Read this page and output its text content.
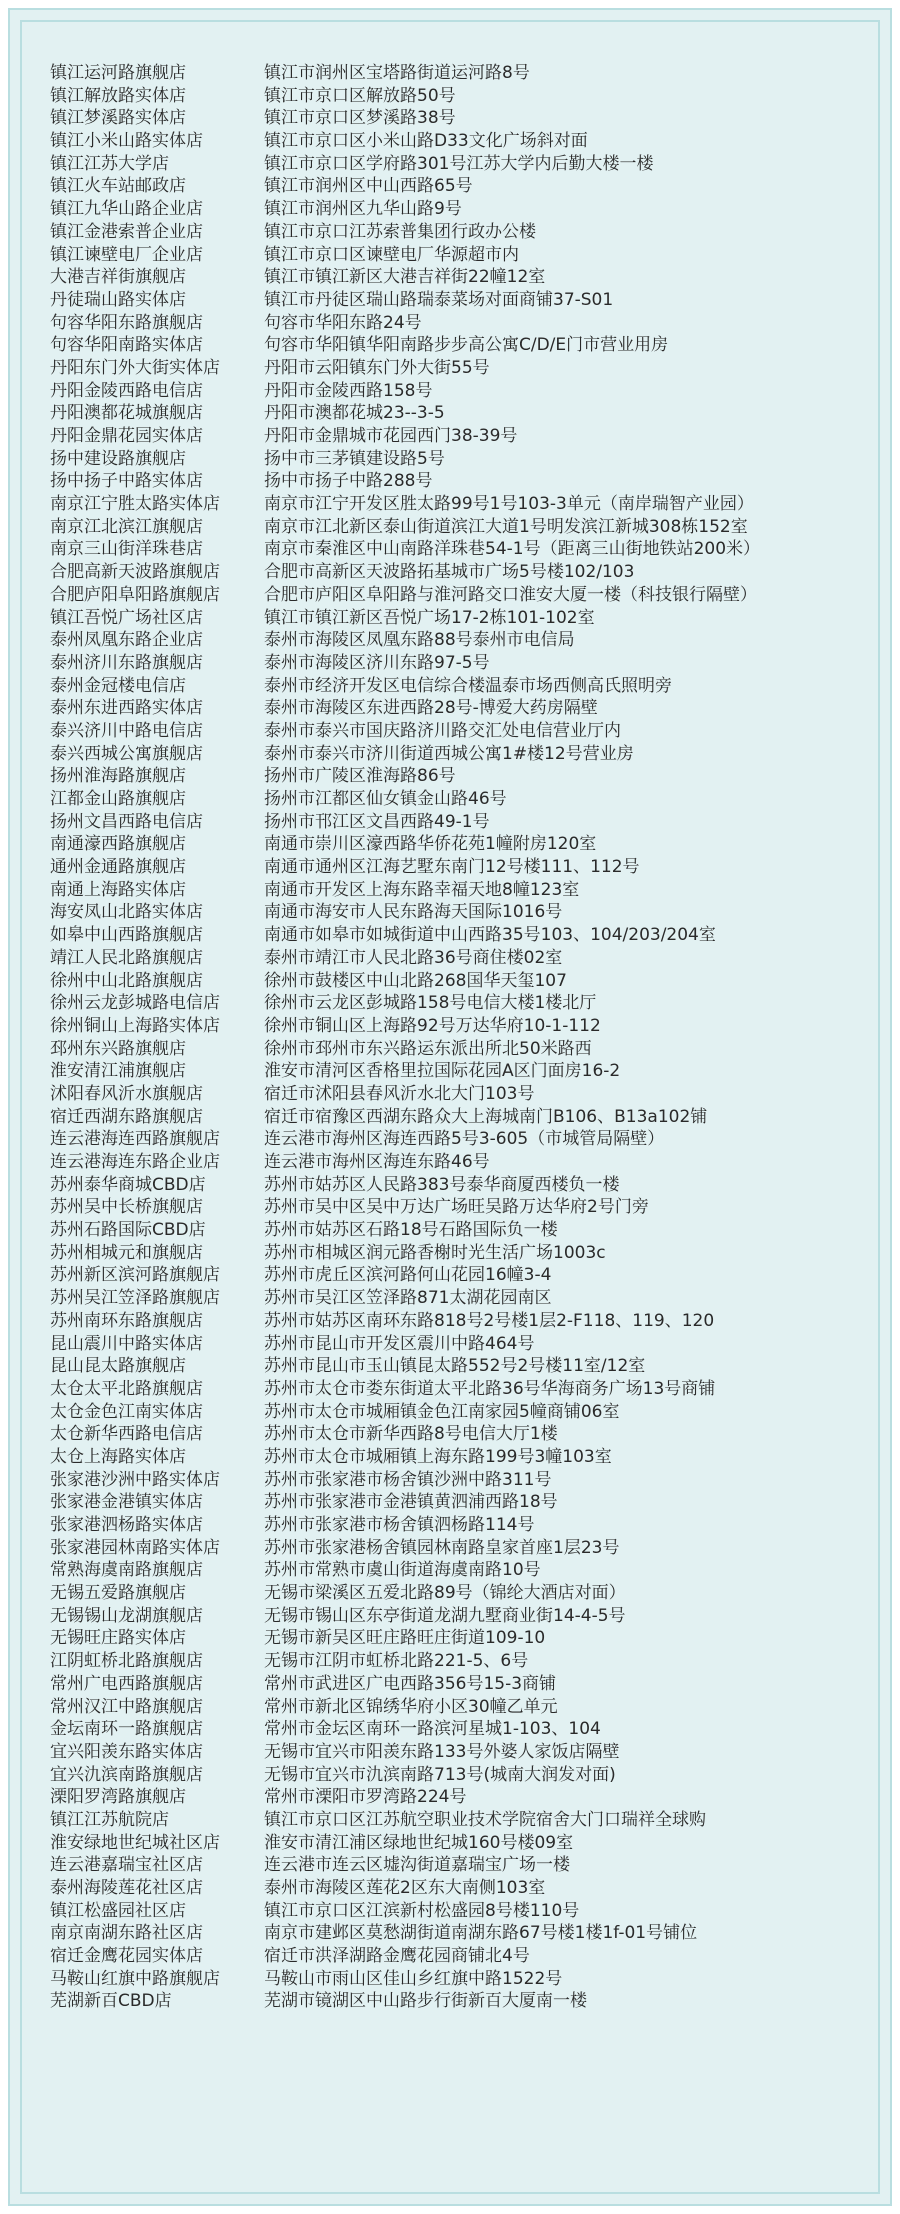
镇江运河路旗舰店	镇江市润州区宝塔路街道运河路8号
镇江解放路实体店	镇江市京口区解放路50号
镇江梦溪路实体店	镇江市京口区梦溪路38号
镇江小米山路实体店	镇江市京口区小米山路D33文化广场斜对面
镇江江苏大学店	镇江市京口区学府路301号江苏大学内后勤大楼一楼
镇江火车站邮政店	镇江市润州区中山西路65号
镇江九华山路企业店	镇江市润州区九华山路9号
镇江金港索普企业店	镇江市京口江苏索普集团行政办公楼
镇江谏壁电厂企业店	镇江市京口区谏壁电厂华源超市内
大港吉祥街旗舰店	镇江市镇江新区大港吉祥街22幢12室
丹徒瑞山路实体店	镇江市丹徒区瑞山路瑞泰菜场对面商铺37-S01
句容华阳东路旗舰店	句容市华阳东路24号
句容华阳南路实体店	句容市华阳镇华阳南路步步高公寓C/D/E门市营业用房
丹阳东门外大街实体店	丹阳市云阳镇东门外大街55号
丹阳金陵西路电信店	丹阳市金陵西路158号
丹阳澳都花城旗舰店	丹阳市澳都花城23--3-5
丹阳金鼎花园实体店	丹阳市金鼎城市花园西门38-39号
扬中建设路旗舰店	扬中市三茅镇建设路5号
扬中扬子中路实体店	扬中市扬子中路288号
南京江宁胜太路实体店	南京市江宁开发区胜太路99号1号103-3单元（南岸瑞智产业园）
南京江北滨江旗舰店	南京市江北新区泰山街道滨江大道1号明发滨江新城308栋152室
南京三山街洋珠巷店	南京市秦淮区中山南路洋珠巷54-1号（距离三山街地铁站200米）
合肥高新天波路旗舰店	合肥市高新区天波路拓基城市广场5号楼102/103
合肥庐阳阜阳路旗舰店	合肥市庐阳区阜阳路与淮河路交口淮安大厦一楼（科技银行隔壁）
镇江吾悦广场社区店	镇江市镇江新区吾悦广场17-2栋101-102室
泰州凤凰东路企业店	泰州市海陵区凤凰东路88号泰州市电信局
泰州济川东路旗舰店	泰州市海陵区济川东路97-5号
泰州金冠楼电信店	泰州市经济开发区电信综合楼温泰市场西侧高氏照明旁
泰州东进西路实体店	泰州市海陵区东进西路28号-博爱大药房隔壁
泰兴济川中路电信店	泰州市泰兴市国庆路济川路交汇处电信营业厅内
泰兴西城公寓旗舰店	泰州市泰兴市济川街道西城公寓1#楼12号营业房
扬州淮海路旗舰店	扬州市广陵区淮海路86号
江都金山路旗舰店	扬州市江都区仙女镇金山路46号
扬州文昌西路电信店	扬州市邗江区文昌西路49-1号
南通濠西路旗舰店	南通市崇川区濠西路华侨花苑1幢附房120室
通州金通路旗舰店	南通市通州区江海艺墅东南门12号楼111、112号
南通上海路实体店	南通市开发区上海东路幸福天地8幢123室
海安凤山北路实体店	南通市海安市人民东路海天国际1016号
如皋中山西路旗舰店	南通市如皋市如城街道中山西路35号103、104/203/204室
靖江人民北路旗舰店	泰州市靖江市人民北路36号商住楼02室
徐州中山北路旗舰店	徐州市鼓楼区中山北路268国华天玺107
徐州云龙彭城路电信店	徐州市云龙区彭城路158号电信大楼1楼北厅
徐州铜山上海路实体店	徐州市铜山区上海路92号万达华府10-1-112
邳州东兴路旗舰店	徐州市邳州市东兴路运东派出所北50米路西
淮安清江浦旗舰店	淮安市清河区香格里拉国际花园A区门面房16-2
沭阳春风沂水旗舰店	宿迁市沭阳县春风沂水北大门103号
宿迁西湖东路旗舰店	宿迁市宿豫区西湖东路众大上海城南门B106、B13a102铺
连云港海连西路旗舰店	连云港市海州区海连西路5号3-605（市城管局隔壁）
连云港海连东路企业店	连云港市海州区海连东路46号
苏州泰华商城CBD店	苏州市姑苏区人民路383号泰华商厦西楼负一楼
苏州吴中长桥旗舰店	苏州市吴中区吴中万达广场旺吴路万达华府2号门旁
苏州石路国际CBD店	苏州市姑苏区石路18号石路国际负一楼
苏州相城元和旗舰店	苏州市相城区润元路香榭时光生活广场1003c
苏州新区滨河路旗舰店	苏州市虎丘区滨河路何山花园16幢3-4
苏州吴江笠泽路旗舰店	苏州市吴江区笠泽路871太湖花园南区
苏州南环东路旗舰店	苏州市姑苏区南环东路818号2号楼1层2-F118、119、120
昆山震川中路实体店	苏州市昆山市开发区震川中路464号
昆山昆太路旗舰店	苏州市昆山市玉山镇昆太路552号2号楼11室/12室
太仓太平北路旗舰店	苏州市太仓市娄东街道太平北路36号华海商务广场13号商铺
太仓金色江南实体店	苏州市太仓市城厢镇金色江南家园5幢商铺06室
太仓新华西路电信店	苏州市太仓市新华西路8号电信大厅1楼
太仓上海路实体店	苏州市太仓市城厢镇上海东路199号3幢103室
张家港沙洲中路实体店	苏州市张家港市杨舍镇沙洲中路311号
张家港金港镇实体店	苏州市张家港市金港镇黄泗浦西路18号
张家港泗杨路实体店	苏州市张家港市杨舍镇泗杨路114号
张家港园林南路实体店	苏州市张家港杨舍镇园林南路皇家首座1层23号
常熟海虞南路旗舰店	苏州市常熟市虞山街道海虞南路10号
无锡五爱路旗舰店	无锡市梁溪区五爱北路89号（锦纶大酒店对面）
无锡锡山龙湖旗舰店	无锡市锡山区东亭街道龙湖九墅商业街14-4-5号
无锡旺庄路实体店	无锡市新吴区旺庄路旺庄街道109-10
江阴虹桥北路旗舰店	无锡市江阴市虹桥北路221-5、6号
常州广电西路旗舰店	常州市武进区广电西路356号15-3商铺
常州汉江中路旗舰店	常州市新北区锦绣华府小区30幢乙单元
金坛南环一路旗舰店	常州市金坛区南环一路滨河星城1-103、104
宜兴阳羡东路实体店	无锡市宜兴市阳羡东路133号外婆人家饭店隔壁
宜兴氿滨南路旗舰店	无锡市宜兴市氿滨南路713号(城南大润发对面)
溧阳罗湾路旗舰店	常州市溧阳市罗湾路224号
镇江江苏航院店	镇江市京口区江苏航空职业技术学院宿舍大门口瑞祥全球购
淮安绿地世纪城社区店	淮安市清江浦区绿地世纪城160号楼09室
连云港嘉瑞宝社区店	连云港市连云区墟沟街道嘉瑞宝广场一楼
泰州海陵莲花社区店	泰州市海陵区莲花2区东大南侧103室
镇江松盛园社区店	镇江市京口区江滨新村松盛园8号楼110号
南京南湖东路社区店	南京市建邺区莫愁湖街道南湖东路67号楼1楼1f-01号铺位
宿迁金鹰花园实体店	宿迁市洪泽湖路金鹰花园商铺北4号
马鞍山红旗中路旗舰店	马鞍山市雨山区佳山乡红旗中路1522号
芜湖新百CBD店	芜湖市镜湖区中山路步行街新百大厦南一楼
